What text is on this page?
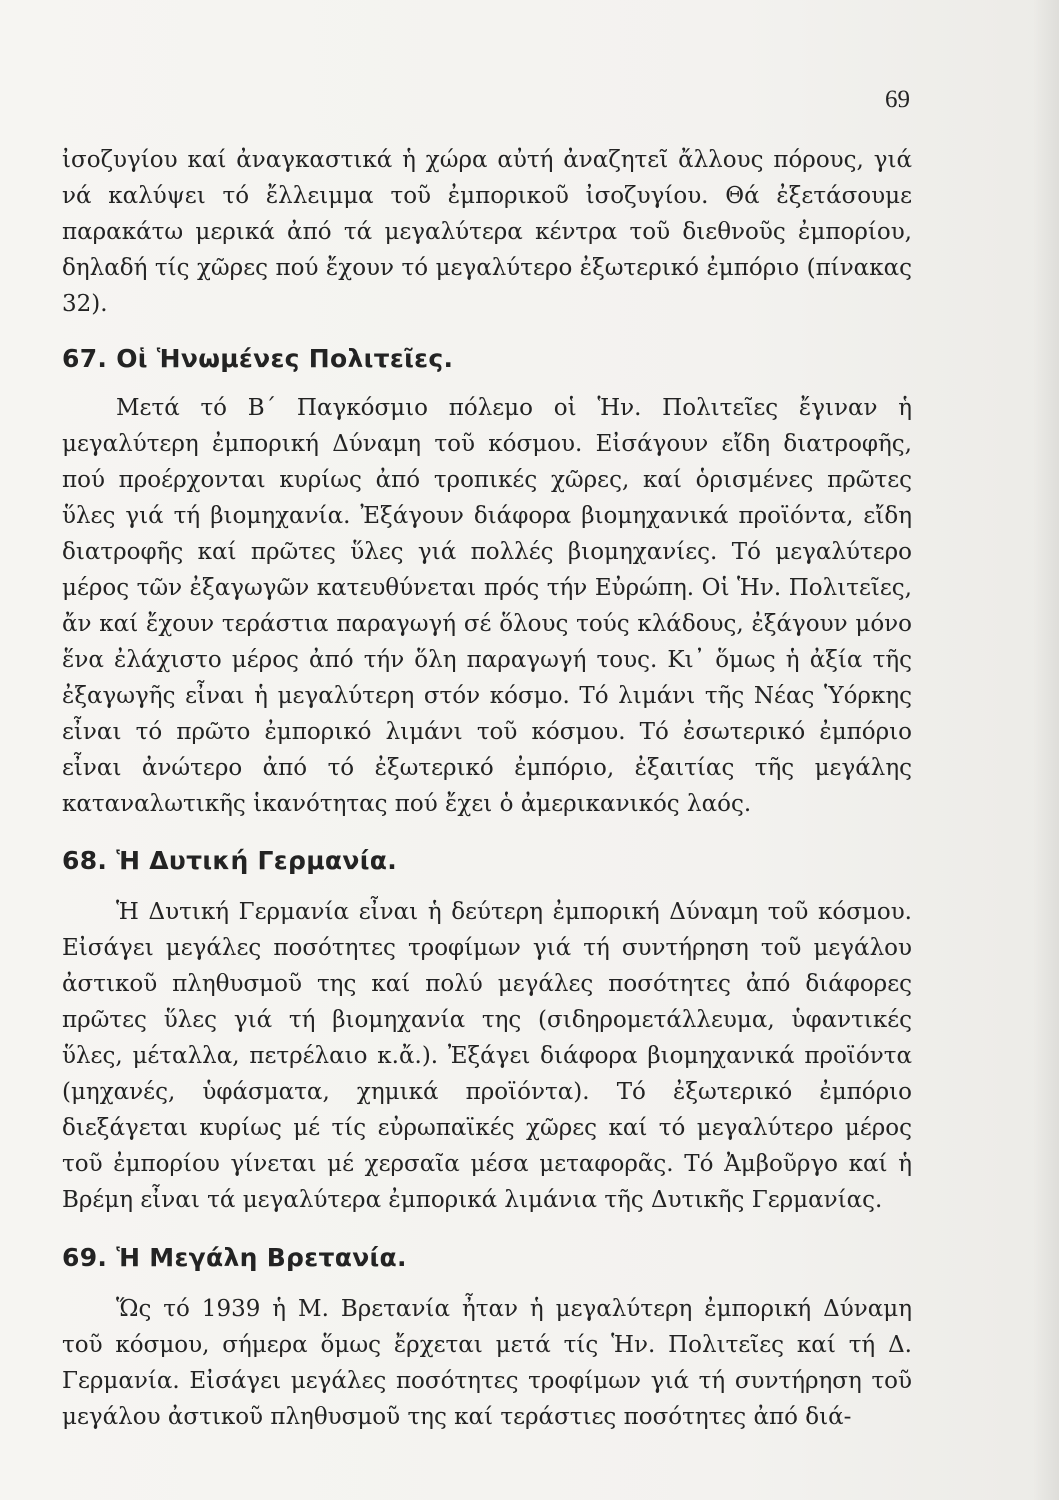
69

ἰσοζυγίου καί ἀναγκαστικά ἡ χώρα αὐτή ἀναζητεῖ ἄλλους πόρους, γιά νά καλύψει τό ἔλλειμμα τοῦ ἐμπορικοῦ ἰσοζυγίου. Θά ἐξετάσουμε παρακάτω μερικά ἀπό τά μεγαλύτερα κέντρα τοῦ διεθνοῦς ἐμπορίου, δηλαδή τίς χῶρες πού ἔχουν τό μεγαλύτερο ἐξωτερικό ἐμπόριο (πίνακας 32).

67. Οἱ Ἡνωμένες Πολιτεῖες.

Μετά τό Β΄ Παγκόσμιο πόλεμο οἱ Ἡν. Πολιτεῖες ἔγιναν ἡ μεγαλύτερη ἐμπορική Δύναμη τοῦ κόσμου. Εἰσάγουν εἴδη διατροφῆς, πού προέρχονται κυρίως ἀπό τροπικές χῶρες, καί ὁρισμένες πρῶτες ὕλες γιά τή βιομηχανία. Ἐξάγουν διάφορα βιομηχανικά προϊόντα, εἴδη διατροφῆς καί πρῶτες ὕλες γιά πολλές βιομηχανίες. Τό μεγαλύτερο μέρος τῶν ἐξαγωγῶν κατευθύνεται πρός τήν Εὐρώπη. Οἱ Ἡν. Πολιτεῖες, ἄν καί ἔχουν τεράστια παραγωγή σέ ὅλους τούς κλάδους, ἐξάγουν μόνο ἕνα ἐλάχιστο μέρος ἀπό τήν ὅλη παραγωγή τους. Κι᾿ ὅμως ἡ ἀξία τῆς ἐξαγωγῆς εἶναι ἡ μεγαλύτερη στόν κόσμο. Τό λιμάνι τῆς Νέας Ὑόρκης εἶναι τό πρῶτο ἐμπορικό λιμάνι τοῦ κόσμου. Τό ἐσωτερικό ἐμπόριο εἶναι ἀνώτερο ἀπό τό ἐξωτερικό ἐμπόριο, ἐξαιτίας τῆς μεγάλης καταναλωτικῆς ἱκανότητας πού ἔχει ὁ ἀμερικανικός λαός.

68. Ἡ Δυτική Γερμανία.

Ἡ Δυτική Γερμανία εἶναι ἡ δεύτερη ἐμπορική Δύναμη τοῦ κόσμου. Εἰσάγει μεγάλες ποσότητες τροφίμων γιά τή συντήρηση τοῦ μεγάλου ἀστικοῦ πληθυσμοῦ της καί πολύ μεγάλες ποσότητες ἀπό διάφορες πρῶτες ὕλες γιά τή βιομηχανία της (σιδηρομετάλλευμα, ὑφαντικές ὕλες, μέταλλα, πετρέλαιο κ.ἄ.). Ἐξάγει διάφορα βιομηχανικά προϊόντα (μηχανές, ὑφάσματα, χημικά προϊόντα). Τό ἐξωτερικό ἐμπόριο διεξάγεται κυρίως μέ τίς εὐρωπαϊκές χῶρες καί τό μεγαλύτερο μέρος τοῦ ἐμπορίου γίνεται μέ χερσαῖα μέσα μεταφορᾶς. Τό Ἀμβοῦργο καί ἡ Βρέμη εἶναι τά μεγαλύτερα ἐμπορικά λιμάνια τῆς Δυτικῆς Γερμανίας.

69. Ἡ Μεγάλη Βρετανία.

Ὥς τό 1939 ἡ Μ. Βρετανία ἦταν ἡ μεγαλύτερη ἐμπορική Δύναμη τοῦ κόσμου, σήμερα ὅμως ἔρχεται μετά τίς Ἡν. Πολιτεῖες καί τή Δ. Γερμανία. Εἰσάγει μεγάλες ποσότητες τροφίμων γιά τή συντήρηση τοῦ μεγάλου ἀστικοῦ πληθυσμοῦ της καί τεράστιες ποσότητες ἀπό διά-
